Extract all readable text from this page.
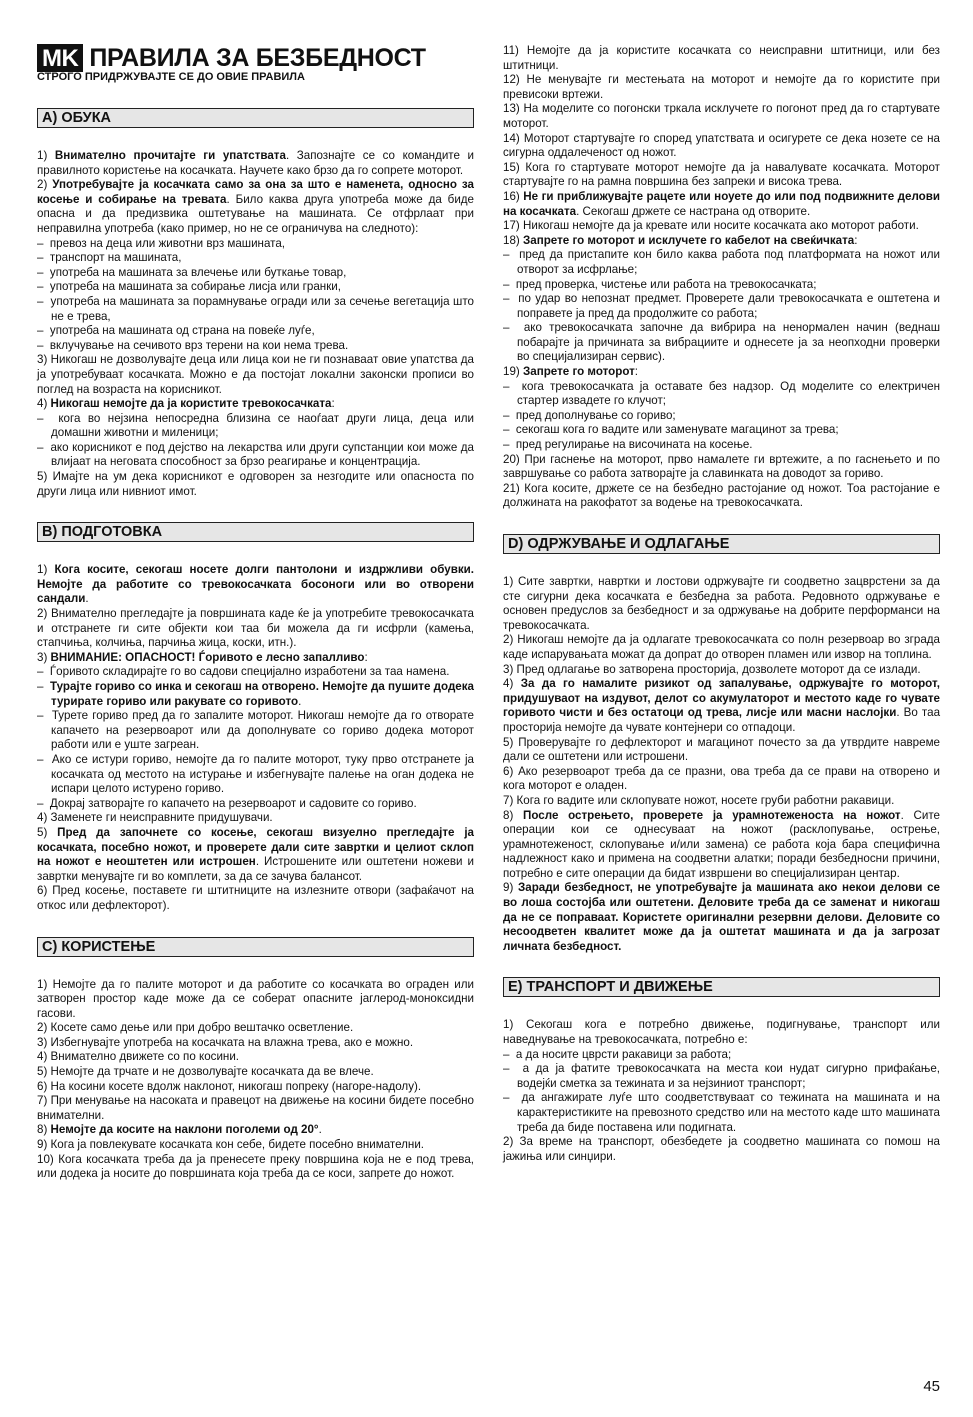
MK ПРАВИЛА ЗА БЕЗБЕДНОСТ
СТРОГО ПРИДРЖУВАЈТЕ СЕ ДО ОВИЕ ПРАВИЛА
A) ОБУКА

1) Внимателно прочитајте ги упатствата. Запознајте се со командите и правилното користење на косачката. Научете како брзо да го сопрете моторот.

2) Употребувајте ја косачката само за она за што е наменета, односно за косење и собирање на тревата. Било каква друга употреба може да биде опасна и да предизвика оштетување на машината. Се отфрлаат при неправилна употреба (како пример, но не се ограничува на следното):

–  превоз на деца или животни врз машината,

–  транспорт на машината,

–  употреба на машината за влечење или буткање товар,

–  употреба на машината за собирање лисја или гранки,

–  употреба на машината за порамнување огради или за сечење вегетација што не е трева,

–  употреба на машината од страна на повеќе луѓе,

–  вклучување на сечивото врз терени на кои нема трева.

3) Никогаш не дозволувајте деца или лица кои не ги познаваат овие упатства да ја употребуваат косачката. Можно е да постојат локални законски прописи во поглед на возраста на корисникот.

4) Никогаш немојте да ја користите тревокосачката:

–  кога во нејзина непосредна близина се наоѓаат други лица, деца или домашни животни и миленици;

–  ако корисникот е под дејство на лекарства или други супстанции кои може да влијаат на неговата способност за брзо реагирање и концентрација.

5) Имајте на ум дека корисникот е одговорен за незгодите или опасноста по други лица или нивниот имот.

B) ПОДГОТОВКА

1) Кога косите, секогаш носете долги пантолони и издржливи обувки. Немојте да работите со тревокосачката босоноги или во отворени сандали.

2) Внимателно прегледајте ја површината каде ќе ја употребите тревокосачката и отстранете ги сите објекти кои таа би можела да ги исфрли (камења, стапчиња, колчиња, парчиња жица, коски, итн.).

3) ВНИМАНИЕ: ОПАСНОСТ! Ѓоривото е лесно запалливо:

–  Ѓоривото складирајте го во садови специјално изработени за таа намена.

–  Турајте гориво со инка и секогаш на отворено. Немојте да пушите додека турирате гориво или ракувате со горивото.

–  Турете гориво пред да го запалите моторот. Никогаш немојте да го отворате капачето на резервоарот или да дополнувате со гориво додека моторот работи или е уште загреан.

–  Ако се истури гориво, немојте да го палите моторот, туку прво отстранете ја косачката од местото на истурање и избегнувајте палење на оган додека не испари целото истурено гориво.

–  Докрај затворајте го капачето на резервоарот и садовите со гориво.

4) Заменете ги неисправните придушувачи.

5) Пред да започнете со косење, секогаш визуелно прегледајте ја косачката, посебно ножот, и проверете дали сите завртки и целиот склоп на ножот е неоштетен или истрошен. Истрошените или оштетени ножеви и завртки менувајте ги во комплети, за да се зачува балансот.

6) Пред косење, поставете ги штитниците на излезните отвори (зафаќачот на откос или дефлекторот).

C) КОРИСТЕЊЕ

1) Немојте да го палите моторот и да работите со косачката во ограден или затворен простор каде може да се соберат опасните јаглерод-моноксидни гасови.

2) Косете само дење или при добро вештачко осветление.

3) Избегнувајте употреба на косачката на влажна трева, ако е можно.

4) Внимателно движете со по косини.

5) Немојте да трчате и не дозволувајте косачката да ве влече.

6) На косини косете вдолж наклонот, никогаш попреку (нагоре-надолу).

7) При менување на насоката и правецот на движење на косини бидете посебно внимателни.

8) Немојте да косите на наклони поголеми од 20°.

9) Кога ја повлекувате косачката кон себе, бидете посебно внимателни.

10) Кога косачката треба да ја пренесете преку површина која не е под трева, или додека ја носите до површината која треба да се коси, запрете до ножот.

11) Немојте да ја користите косачката со неисправни штитници, или без штитници.

12) Не менувајте ги местењата на моторот и немојте да го користите при превисоки вртежи.

13) На моделите со погонски тркала исклучете го погонот пред да го стартувате моторот.

14) Моторот стартувајте го според упатствата и осигурете се дека нозете се на сигурна оддалеченост од ножот.

15) Кога го стартувате моторот немојте да ја навалувате косачката. Моторот стартувајте го на рамна површина без запреки и висока трева.

16) Не ги приближувајте рацете или ноуете до или под подвижните делови на косачката. Секогаш држете се настрана од отворите.

17) Никогаш немојте да ја кревате или носите косачката ако моторот работи.

18) Запрете го моторот и исклучете го кабелот на свеќичката:

–  пред да пристапите кон било каква работа под платформата на ножот или отворот за исфрлање;

–  пред проверка, чистење или работа на тревокосачката;

–  по удар во непознат предмет. Проверете дали тревокосачката е оштетена и поправете ја пред да продолжите со работа;

–  ако тревокосачката започне да вибрира на ненормален начин (веднаш побарајте ја причината за вибрациите и однесете ја за неопходни проверки во специјализиран сервис).

19) Запрете го моторот:

–  кога тревокосачката ја оставате без надзор. Од моделите со електричен стартер извадете го клучот;

–  пред дополнување со гориво;

–  секогаш кога го вадите или заменувате магацинот за трева;

–  пред регулирање на височината на косење.

20) При гаснење на моторот, прво намалете ги вртежите, а по гаснењето и по завршување со работа затворајте ја славинката на доводот за гориво.

21) Кога косите, држете се на безбедно растојание од ножот. Тоа растојание е должината на ракофатот за водење на тревокосачката.

D) ОДРЖУВАЊЕ И ОДЛАГАЊЕ

1) Сите завртки, навртки и лостови одржувајте ги соодветно зацврстени за да сте сигурни дека косачката е безбедна за работа. Редовното одржување е основен предуслов за безбедност и за одржување на добрите перформанси на тревокосачката.

2) Никогаш немојте да ја одлагате тревокосачката со полн резервоар во зграда каде испарувањата можат да допрат до отворен пламен или извор на топлина.

3) Пред одлагање во затворена просторија, дозволете моторот да се излади.

4) За да го намалите ризикот од запалување, одржувајте го моторот, придушуваот на издувот, делот со акумулаторот и местото каде го чувате горивото чисти и без остатоци од трева, лисје или масни наслојки. Во таа просторија немојте да чувате контејнери со отпадоци.

5) Проверувајте го дефлекторот и магацинот почесто за да утврдите навреме дали се оштетени или истрошени.

6) Ако резервоарот треба да се празни, ова треба да се прави на отворено и кога моторот е оладен.

7) Кога го вадите или склопувате ножот, носете груби работни ракавици.

8) После острењето, проверете ја урамнотеженоста на ножот. Сите операции кои се однесуваат на ножот (расклопување, острење, урамнотеженост, склопување и/или замена) се работа која бара специфична надлежност како и примена на соодветни алатки; поради безбедносни причини, потребно е сите операции да бидат извршени во специјализиран центар.

9) Заради безбедност, не употребувајте ја машината ако некои делови се во лоша состојба или оштетени. Деловите треба да се заменат и никогаш да не се поправаат. Користете оригинални резервни делови. Деловите со несоодветен квалитет може да ја оштетат машината и да ја загрозат личната безбедност.

E) ТРАНСПОРТ И ДВИЖЕЊЕ

1) Секогаш кога е потребно движење, подигнување, транспорт или наведнување на тревокосачката, потребно е:

–  а да носите цврсти ракавици за работа;

–  а да ја фатите тревокосачката на места кои нудат сигурно прифаќање, водејќи сметка за тежината и за нејзиниот транспорт;

–  да ангажирате луѓе што соодветствуваат со тежината на машината и на карактеристиките на превозното средство или на местото каде што машината треба да биде поставена или подигната.

2) За време на транспорт, обезбедете ја соодветно машината со помош на јажиња или синџири.

45
